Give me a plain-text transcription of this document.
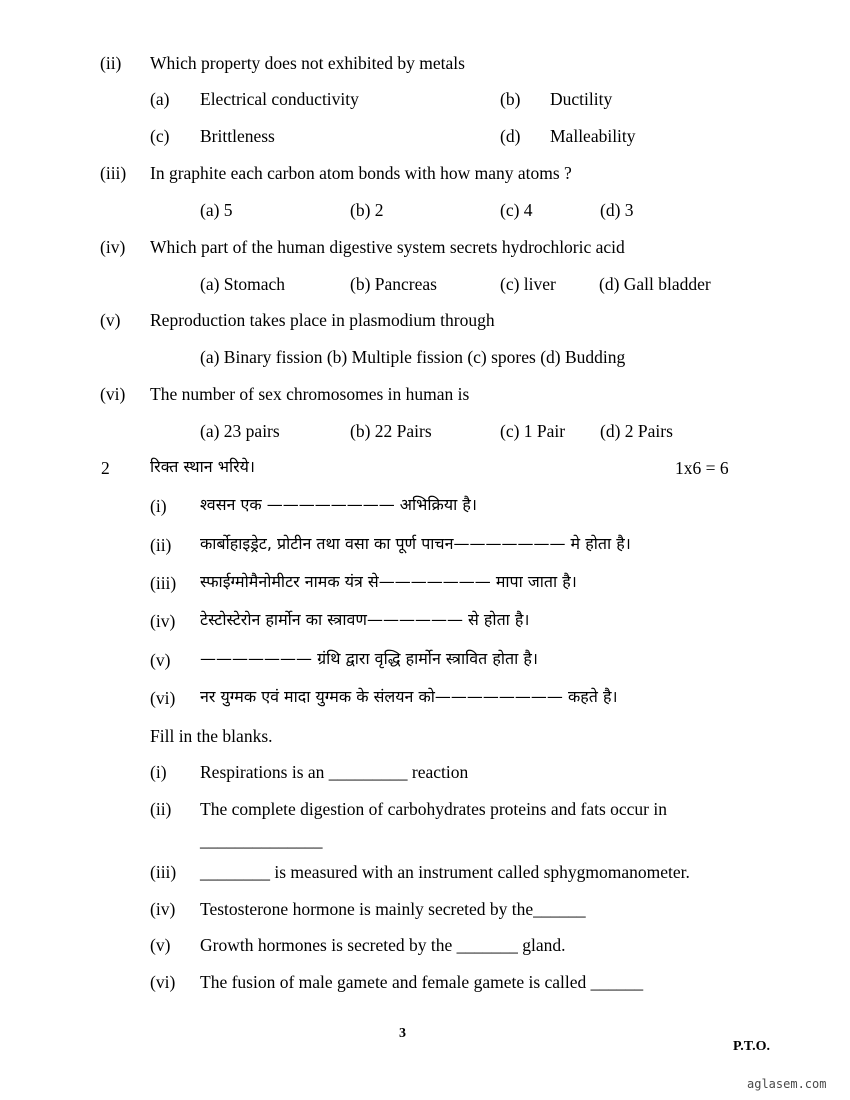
(ii) Which property does not exhibited by metals
(a) Electrical conductivity	(b) Ductility
(c) Brittleness	(d) Malleability
(iii) In graphite each carbon atom bonds with how many atoms ?
(a) 5	(b) 2	(c) 4	(d) 3
(iv) Which part of the human digestive system secrets hydrochloric acid
(a) Stomach	(b) Pancreas	(c) liver (d) Gall bladder
(v) Reproduction takes place in plasmodium through
(a) Binary fission (b) Multiple fission (c) spores (d) Budding
(vi) The number of sex chromosomes in human is
(a) 23 pairs	(b) 22 Pairs	(c) 1 Pair (d) 2 Pairs
2	रिक्त स्थान भरिये।	1x6 = 6
(i) श्वसन एक ———————— अभिक्रिया है।
(ii) कार्बोहाइड्रेट, प्रोटीन तथा वसा का पूर्ण पाचन——————— मे होता है।
(iii) स्फाईग्मोमैनोमीटर नामक यंत्र से——————— मापा जाता है।
(iv) टेस्टोस्टेरोन हार्मोन का स्त्रावण—————— से होता है।
(v) ——————— ग्रंथि द्वारा वृद्धि हार्मोन स्त्रावित होता है।
(vi) नर युग्मक एवं मादा युग्मक के संलयन को———————— कहते है।
Fill in the blanks.
(i) Respirations is an _________ reaction
(ii) The complete digestion of carbohydrates proteins and fats occur in
______________
(iii) ________ is measured with an instrument called sphygmomanometer.
(iv) Testosterone hormone is mainly secreted by the______
(v) Growth hormones is secreted by the _______ gland.
(vi) The fusion of male gamete and female gamete is called ______
3
P.T.O.
aglasem.com
